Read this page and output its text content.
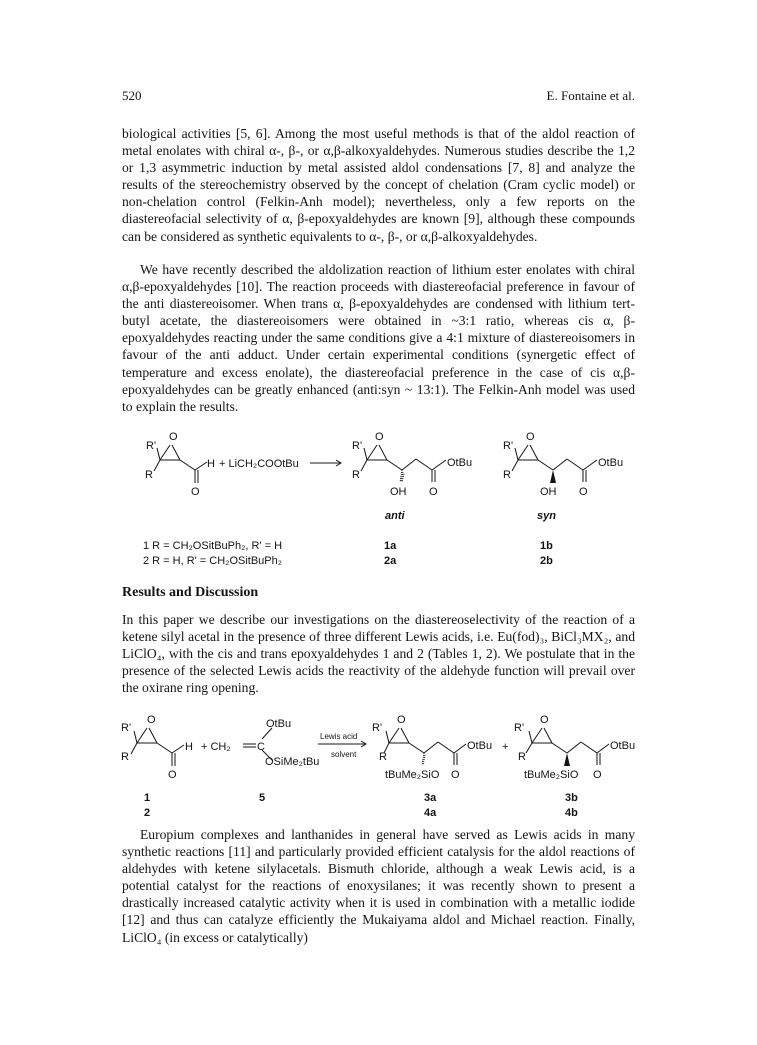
520	E. Fontaine et al.

biological activities [5, 6]. Among the most useful methods is that of the aldol reaction of metal enolates with chiral α-, β-, or α,β-alkoxyaldehydes. Numerous studies describe the 1,2 or 1,3 asymmetric induction by metal assisted aldol condensations [7, 8] and analyze the results of the stereochemistry observed by the concept of chelation (Cram cyclic model) or non-chelation control (Felkin-Anh model); nevertheless, only a few reports on the diastereofacial selectivity of α, β-epoxyaldehydes are known [9], although these compounds can be considered as synthetic equivalents to α-, β-, or α,β-alkoxyaldehydes.

We have recently described the aldolization reaction of lithium ester enolates with chiral α,β-epoxyaldehydes [10]. The reaction proceeds with diastereofacial preference in favour of the anti diastereoisomer. When trans α, β-epoxyaldehydes are condensed with lithium tert-butyl acetate, the diastereoisomers were obtained in ~3:1 ratio, whereas cis α, β-epoxyaldehydes reacting under the same conditions give a 4:1 mixture of diastereoisomers in favour of the anti adduct. Under certain experimental conditions (synergetic effect of temperature and excess enolate), the diastereofacial preference in the case of cis α,β-epoxyaldehydes can be greatly enhanced (anti:syn ~ 13:1). The Felkin-Anh model was used to explain the results.

R'
O
R
H
O
+ LiCH₂COOtBu
R'
O
R
OtBu
OH O
anti
R'
O
R
OtBu
OH O
syn
1 R = CH₂OSitBuPh₂, R' = H
2 R = H, R' = CH₂OSitBuPh₂
1a
2a
1b
2b

Results and Discussion

In this paper we describe our investigations on the diastereoselectivity of the reaction of a ketene silyl acetal in the presence of three different Lewis acids, i.e. Eu(fod)₃, BiCl₃MX₂, and LiClO₄, with the cis and trans epoxyaldehydes 1 and 2 (Tables 1, 2). We postulate that in the presence of the selected Lewis acids the reactivity of the aldehyde function will prevail over the oxirane ring opening.

R'
O
R
H
O
+ CH₂ C
OtBu
OSiMe₂tBu
Lewis acid
solvent
R'
O
R
OtBu
tBuMe₂SiO O
+
R'
O
R
OtBu
tBuMe₂SiO O
1
2
5	3a
4a
3b
4b

Europium complexes and lanthanides in general have served as Lewis acids in many synthetic reactions [11] and particularly provided efficient catalysis for the aldol reactions of aldehydes with ketene silylacetals. Bismuth chloride, although a weak Lewis acid, is a potential catalyst for the reactions of enoxysilanes; it was recently shown to present a drastically increased catalytic activity when it is used in combination with a metallic iodide [12] and thus can catalyze efficiently the Mukaiyama aldol and Michael reaction. Finally, LiClO₄ (in excess or catalytically)
